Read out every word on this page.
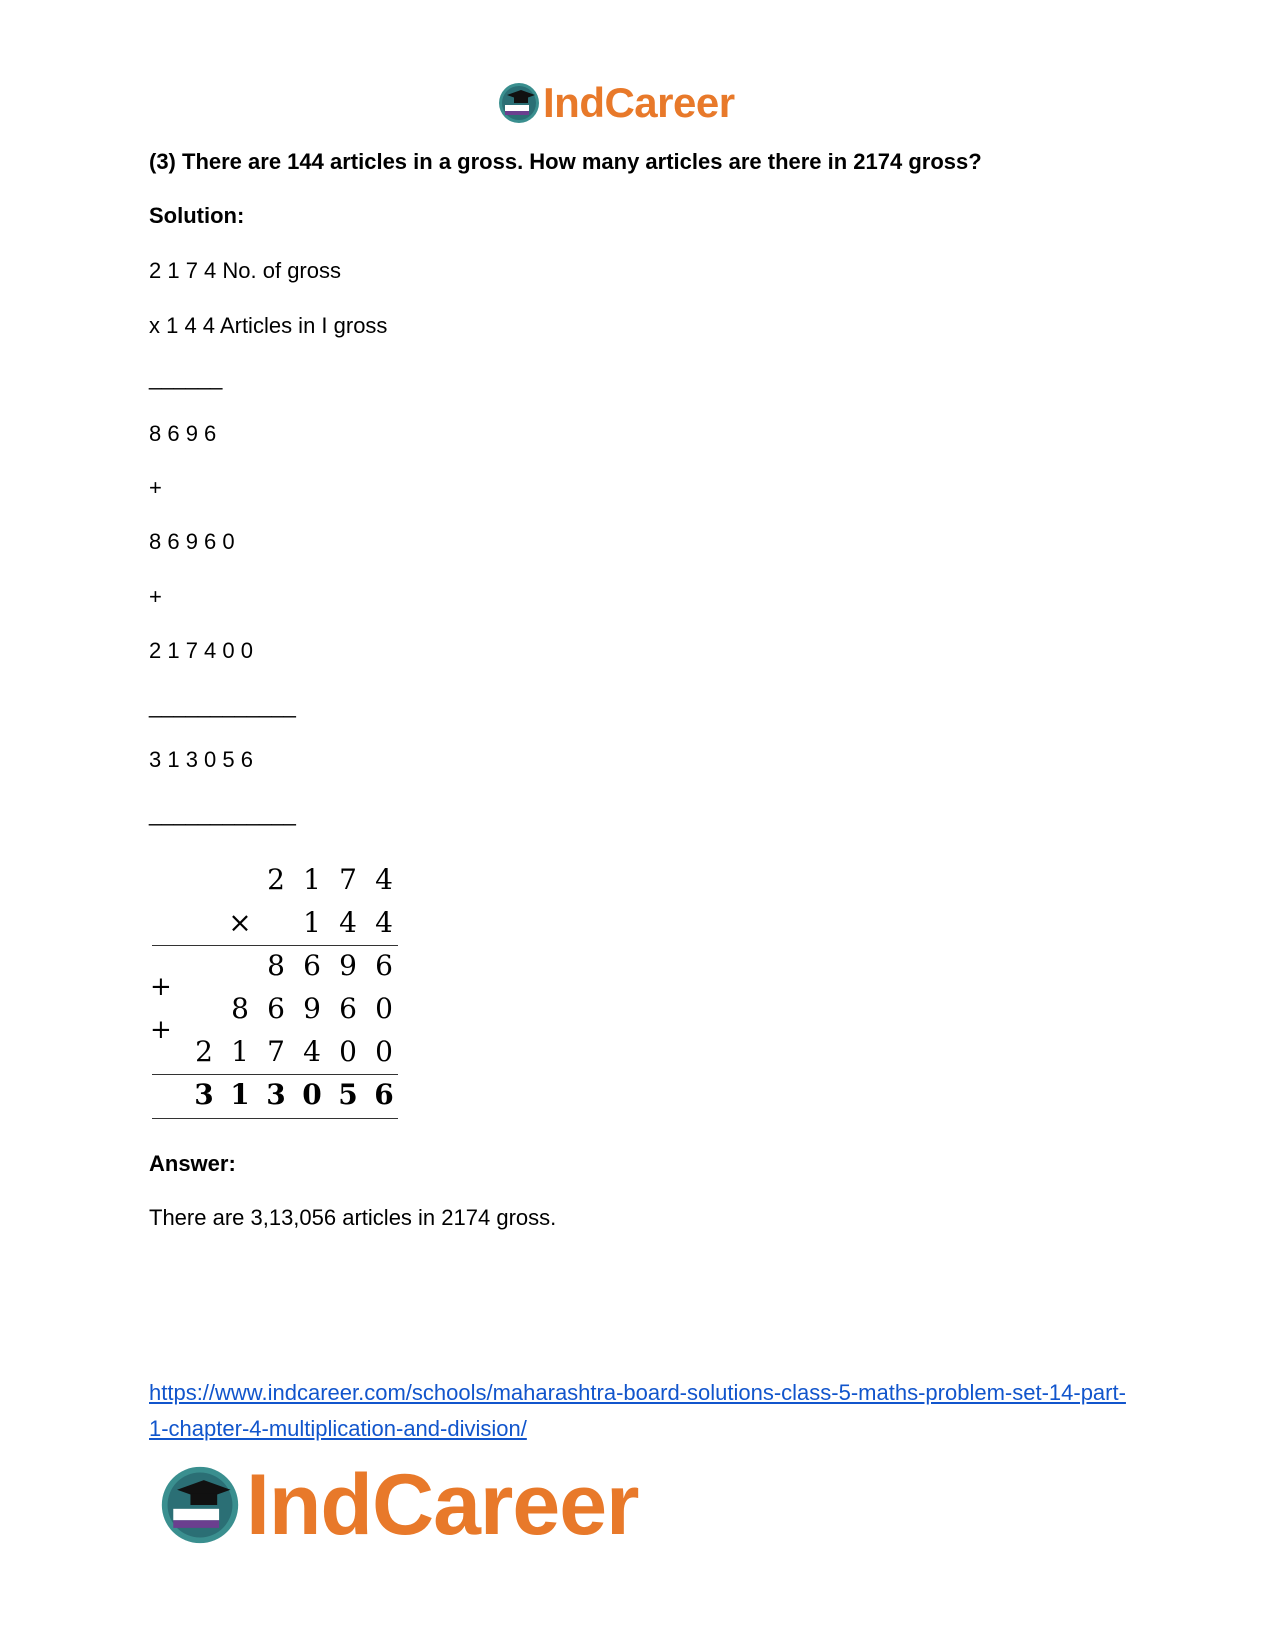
IndCareer
(3) There are 144 articles in a gross. How many articles are there in 2174 gross?
Solution:
2 1 7 4 No. of gross
x 1 4 4 Articles in I gross
______
8 6 9 6
+
8 6 9 6 0
+
2 1 7 4 0 0
____________
3 1 3 0 5 6
____________
2 1 7 4
×	1 4 4
8 6 9 6
+
8 6 9 6 0
+
2 1 7 4 0 0
3 1 3 0 5 6
Answer:
There are 3,13,056 articles in 2174 gross.
https://www.indcareer.com/schools/maharashtra-board-solutions-class-5-maths-problem-set-14-part-1-chapter-4-multiplication-and-division/
IndCareer
